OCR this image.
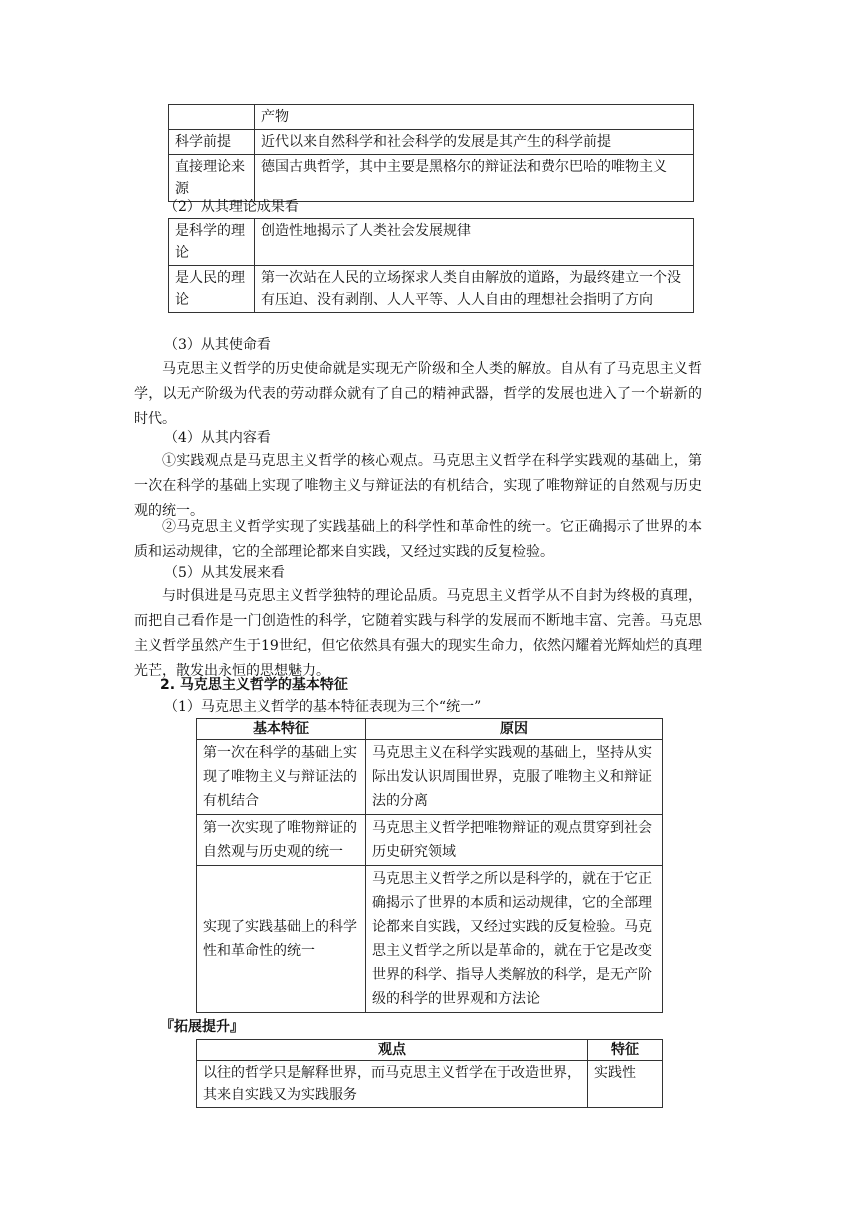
	产物
科学前提	近代以来自然科学和社会科学的发展是其产生的科学前提
直接理论来源	德国古典哲学，其中主要是黑格尔的辩证法和费尔巴哈的唯物主义
（2）从其理论成果看
是科学的理论	创造性地揭示了人类社会发展规律
是人民的理论	第一次站在人民的立场探求人类自由解放的道路，为最终建立一个没有压迫、没有剥削、人人平等、人人自由的理想社会指明了方向
（3）从其使命看
马克思主义哲学的历史使命就是实现无产阶级和全人类的解放。自从有了马克思主义哲学，以无产阶级为代表的劳动群众就有了自己的精神武器，哲学的发展也进入了一个崭新的时代。
（4）从其内容看
①实践观点是马克思主义哲学的核心观点。马克思主义哲学在科学实践观的基础上，第一次在科学的基础上实现了唯物主义与辩证法的有机结合，实现了唯物辩证的自然观与历史观的统一。
②马克思主义哲学实现了实践基础上的科学性和革命性的统一。它正确揭示了世界的本质和运动规律，它的全部理论都来自实践，又经过实践的反复检验。
（5）从其发展来看
与时俱进是马克思主义哲学独特的理论品质。马克思主义哲学从不自封为终极的真理，而把自己看作是一门创造性的科学，它随着实践与科学的发展而不断地丰富、完善。马克思主义哲学虽然产生于19世纪，但它依然具有强大的现实生命力，依然闪耀着光辉灿烂的真理光芒，散发出永恒的思想魅力。
2. 马克思主义哲学的基本特征
（1）马克思主义哲学的基本特征表现为三个“统一”
基本特征	原因
第一次在科学的基础上实现了唯物主义与辩证法的有机结合	马克思主义在科学实践观的基础上，坚持从实际出发认识周围世界，克服了唯物主义和辩证法的分离
第一次实现了唯物辩证的自然观与历史观的统一	马克思主义哲学把唯物辩证的观点贯穿到社会历史研究领域
实现了实践基础上的科学性和革命性的统一	马克思主义哲学之所以是科学的，就在于它正确揭示了世界的本质和运动规律，它的全部理论都来自实践，又经过实践的反复检验。马克思主义哲学之所以是革命的，就在于它是改变世界的科学、指导人类解放的科学，是无产阶级的科学的世界观和方法论
『拓展提升』
观点	特征
以往的哲学只是解释世界，而马克思主义哲学在于改造世界，其来自实践又为实践服务	实践性
